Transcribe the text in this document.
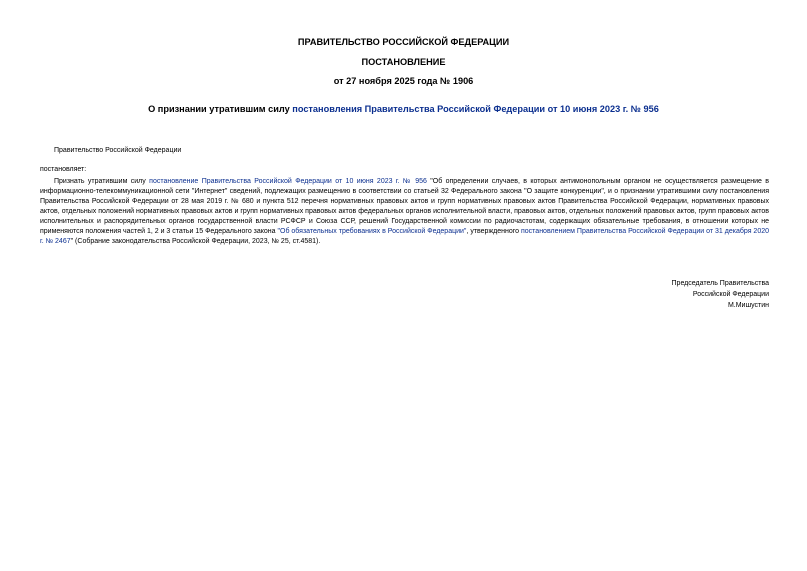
ПРАВИТЕЛЬСТВО РОССИЙСКОЙ ФЕДЕРАЦИИ
ПОСТАНОВЛЕНИЕ
от 27 ноября 2025 года № 1906
О признании утратившим силу постановления Правительства Российской Федерации от 10 июня 2023 г. № 956
Правительство Российской Федерации
постановляет:

Признать утратившим силу постановление Правительства Российской Федерации от 10 июня 2023 г. № 956 "Об определении случаев, в которых антимонопольным органом не осуществляется размещение в информационно-телекоммуникационной сети "Интернет" сведений, подлежащих размещению в соответствии со статьей 32 Федерального закона "О защите конкуренции", и о признании утратившими силу постановления Правительства Российской Федерации от 28 мая 2019 г. № 680 и пункта 512 перечня нормативных правовых актов и групп нормативных правовых актов Правительства Российской Федерации, нормативных правовых актов, отдельных положений нормативных правовых актов и групп нормативных правовых актов федеральных органов исполнительной власти, правовых актов, отдельных положений правовых актов, групп правовых актов исполнительных и распорядительных органов государственной власти РСФСР и Союза ССР, решений Государственной комиссии по радиочастотам, содержащих обязательные требования, в отношении которых не применяются положения частей 1, 2 и 3 статьи 15 Федерального закона "Об обязательных требованиях в Российской Федерации", утвержденного постановлением Правительства Российской Федерации от 31 декабря 2020 г. № 2467" (Собрание законодательства Российской Федерации, 2023, № 25, ст.4581).

Председатель Правительства
Российской Федерации
М.Мишустин
